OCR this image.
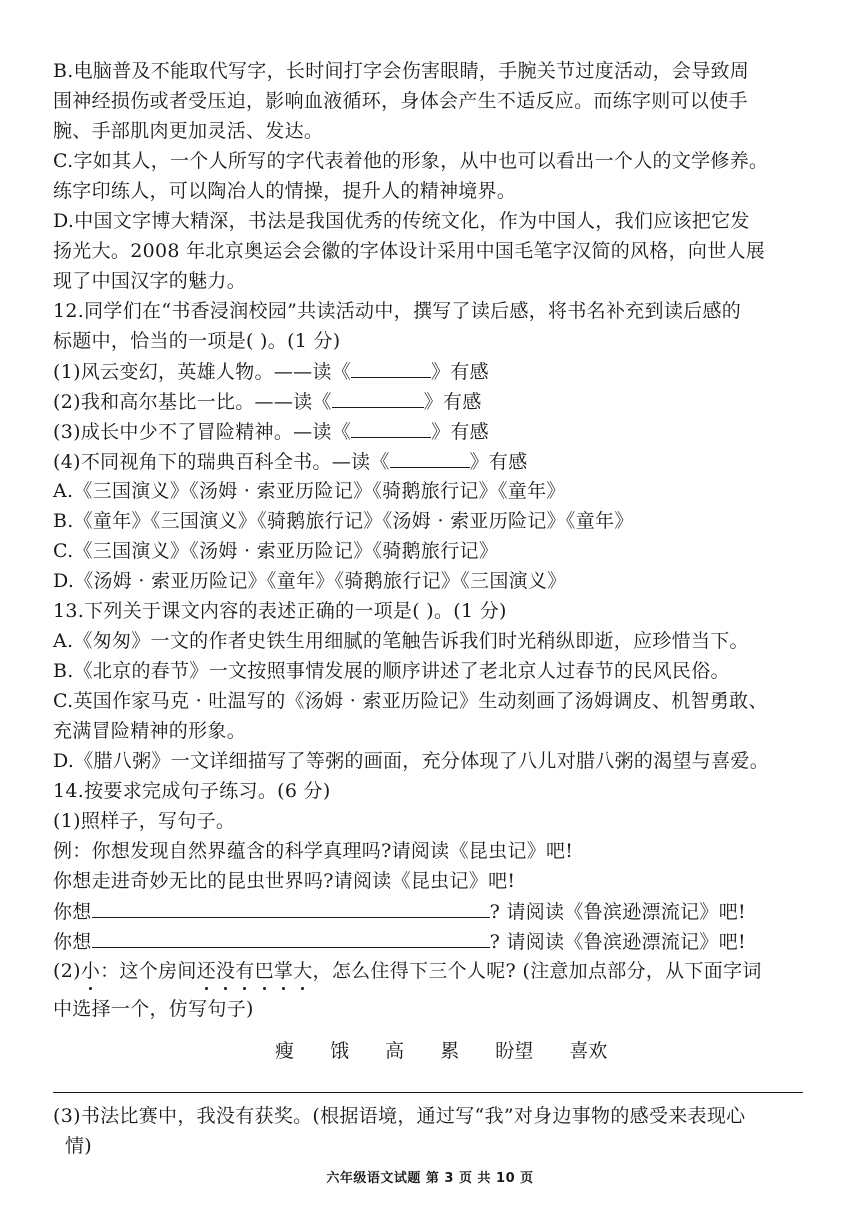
B.电脑普及不能取代写字，长时间打字会伤害眼睛，手腕关节过度活动，会导致周
围神经损伤或者受压迫，影响血液循环，身体会产生不适反应。而练字则可以使手
腕、手部肌肉更加灵活、发达。
C.字如其人，一个人所写的字代表着他的形象，从中也可以看出一个人的文学修养。
练字印练人，可以陶冶人的情操，提升人的精神境界。
D.中国文字博大精深，书法是我国优秀的传统文化，作为中国人，我们应该把它发
扬光大。2008 年北京奥运会会徽的字体设计采用中国毛笔字汉简的风格，向世人展
现了中国汉字的魅力。
12.同学们在“书香浸润校园”共读活动中，撰写了读后感，将书名补充到读后感的
标题中，恰当的一项是( )。(1 分)
(1)风云变幻，英雄人物。——读《	》有感
(2)我和高尔基比一比。——读《	》有感
(3)成长中少不了冒险精神。—读《	》有感
(4)不同视角下的瑞典百科全书。—读《	》有感
A.《三国演义》《汤姆 · 索亚历险记》《骑鹅旅行记》《童年》
B.《童年》《三国演义》《骑鹅旅行记》《汤姆 · 索亚历险记》《童年》
C.《三国演义》《汤姆 · 索亚历险记》《骑鹅旅行记》
D.《汤姆 · 索亚历险记》《童年》《骑鹅旅行记》《三国演义》
13.下列关于课文内容的表述正确的一项是( )。(1 分)
A.《匆匆》一文的作者史铁生用细腻的笔触告诉我们时光稍纵即逝，应珍惜当下。
B.《北京的春节》一文按照事情发展的顺序讲述了老北京人过春节的民风民俗。
C.英国作家马克 · 吐温写的《汤姆 · 索亚历险记》生动刻画了汤姆调皮、机智勇敢、
充满冒险精神的形象。
D.《腊八粥》一文详细描写了等粥的画面，充分体现了八儿对腊八粥的渴望与喜爱。
14.按要求完成句子练习。(6 分)
(1)照样子，写句子。
例：你想发现自然界蕴含的科学真理吗?请阅读《昆虫记》吧!
你想走进奇妙无比的昆虫世界吗?请阅读《昆虫记》吧!
你想	? 请阅读《鲁滨逊漂流记》吧!
你想	? 请阅读《鲁滨逊漂流记》吧!
(2)小：这个房间还没有巴掌大，怎么住得下三个人呢? (注意加点部分，从下面字词
中选择一个，仿写句子)
瘦 饿 高 累 盼望 喜欢
(3)书法比赛中，我没有获奖。(根据语境，通过写“我”对身边事物的感受来表现心
情)
六年级语文试题 第 3 页 共 10 页
